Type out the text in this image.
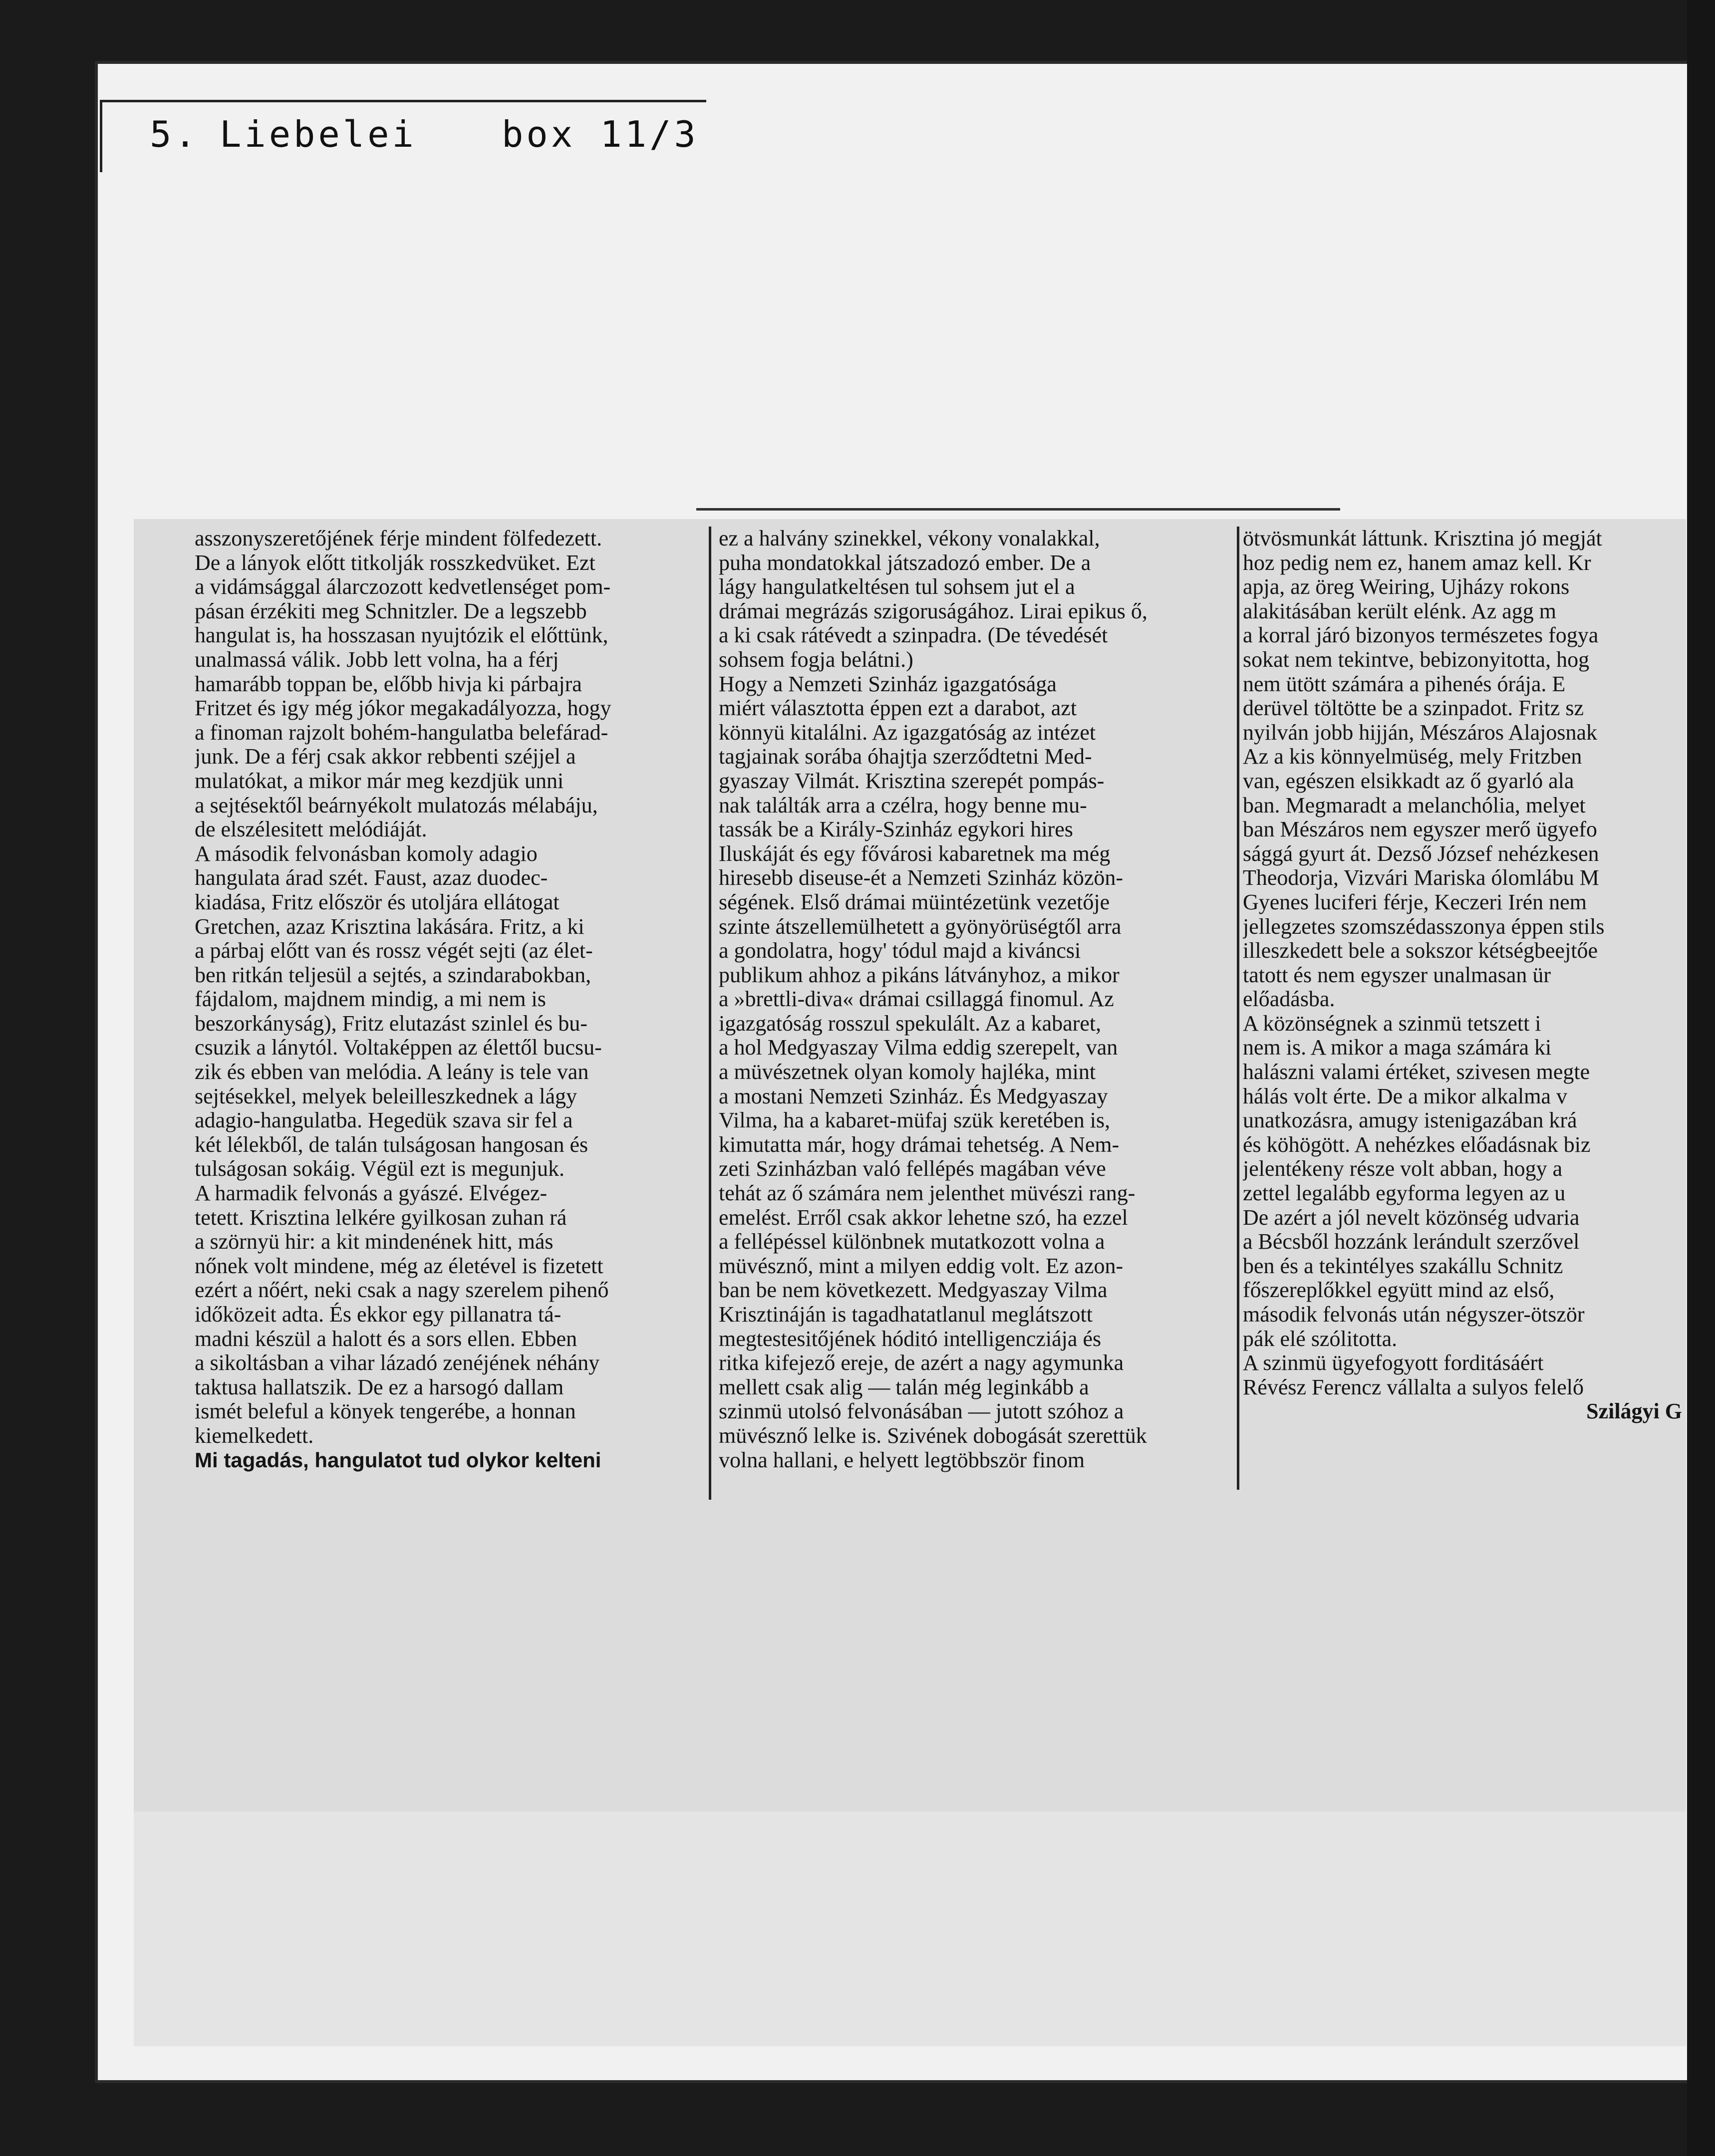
5. Liebelei box 11/3
asszonyszeretőjének férje mindent fölfedezett.
De a lányok előtt titkolják rosszkedvüket. Ezt
a vidámsággal álarczozott kedvetlenséget pom-
pásan érzékiti meg Schnitzler. De a legszebb
hangulat is, ha hosszasan nyujtózik el előttünk,
unalmassá válik. Jobb lett volna, ha a férj
hamarább toppan be, előbb hivja ki párbajra
Fritzet és igy még jókor megakadályozza, hogy
a finoman rajzolt bohém-hangulatba belefárad-
junk. De a férj csak akkor rebbenti széjjel a
mulatókat, a mikor már meg kezdjük unni
a sejtésektől beárnyékolt mulatozás mélabáju,
de elszélesitett melódiáját.
A második felvonásban komoly adagio
hangulata árad szét. Faust, azaz duodec-
kiadása, Fritz először és utoljára ellátogat
Gretchen, azaz Krisztina lakására. Fritz, a ki
a párbaj előtt van és rossz végét sejti (az élet-
ben ritkán teljesül a sejtés, a szindarabokban,
fájdalom, majdnem mindig, a mi nem is
beszorkányság), Fritz elutazást szinlel és bu-
csuzik a lánytól. Voltaképpen az élettől bucsu-
zik és ebben van melódia. A leány is tele van
sejtésekkel, melyek beleilleszkednek a lágy
adagio-hangulatba. Hegedük szava sir fel a
két lélekből, de talán tulságosan hangosan és
tulságosan sokáig. Végül ezt is megunjuk.
A harmadik felvonás a gyászé. Elvégez-
tetett. Krisztina lelkére gyilkosan zuhan rá
a szörnyü hir: a kit mindenének hitt, más
nőnek volt mindene, még az életével is fizetett
ezért a nőért, neki csak a nagy szerelem pihenő
időközeit adta. És ekkor egy pillanatra tá-
madni készül a halott és a sors ellen. Ebben
a sikoltásban a vihar lázadó zenéjének néhány
taktusa hallatszik. De ez a harsogó dallam
ismét beleful a könyek tengerébe, a honnan
kiemelkedett.
Mi tagadás, hangulatot tud olykor kelteni
ez a halvány szinekkel, vékony vonalakkal,
puha mondatokkal játszadozó ember. De a
lágy hangulatkeltésen tul sohsem jut el a
drámai megrázás szigoruságához. Lirai epikus ő,
a ki csak rátévedt a szinpadra. (De tévedését
sohsem fogja belátni.)
Hogy a Nemzeti Szinház igazgatósága
miért választotta éppen ezt a darabot, azt
könnyü kitalálni. Az igazgatóság az intézet
tagjainak sorába óhajtja szerződtetni Med-
gyaszay Vilmát. Krisztina szerepét pompás-
nak találták arra a czélra, hogy benne mu-
tassák be a Király-Szinház egykori hires
Iluskáját és egy fővárosi kabaretnek ma még
hiresebb diseuse-ét a Nemzeti Szinház közön-
ségének. Első drámai müintézetünk vezetője
szinte átszellemülhetett a gyönyörüségtől arra
a gondolatra, hogy' tódul majd a kiváncsi
publikum ahhoz a pikáns látványhoz, a mikor
a »brettli-diva« drámai csillaggá finomul. Az
igazgatóság rosszul spekulált. Az a kabaret,
a hol Medgyaszay Vilma eddig szerepelt, van
a müvészetnek olyan komoly hajléka, mint
a mostani Nemzeti Szinház. És Medgyaszay
Vilma, ha a kabaret-müfaj szük keretében is,
kimutatta már, hogy drámai tehetség. A Nem-
zeti Szinházban való fellépés magában véve
tehát az ő számára nem jelenthet müvészi rang-
emelést. Erről csak akkor lehetne szó, ha ezzel
a fellépéssel különbnek mutatkozott volna a
müvésznő, mint a milyen eddig volt. Ez azon-
ban be nem következett. Medgyaszay Vilma
Krisztináján is tagadhatatlanul meglátszott
megtestesitőjének hóditó intelligencziája és
ritka kifejező ereje, de azért a nagy agymunka
mellett csak alig — talán még leginkább a
szinmü utolsó felvonásában — jutott szóhoz a
müvésznő lelke is. Szivének dobogását szerettük
volna hallani, e helyett legtöbbször finom
ötvösmunkát láttunk. Krisztina jó megját
hoz pedig nem ez, hanem amaz kell. Kr
apja, az öreg Weiring, Ujházy rokons
alakitásában került elénk. Az agg m
a korral járó bizonyos természetes fogya
sokat nem tekintve, bebizonyitotta, hog
nem ütött számára a pihenés órája. E
derüvel töltötte be a szinpadot. Fritz sz
nyilván jobb hijján, Mészáros Alajosnak
Az a kis könnyelmüség, mely Fritzben
van, egészen elsikkadt az ő gyarló ala
ban. Megmaradt a melanchólia, melyet
ban Mészáros nem egyszer merő ügyefo
sággá gyurt át. Dezső József nehézkesen
Theodorja, Vizvári Mariska ólomlábu M
Gyenes luciferi férje, Keczeri Irén nem
jellegzetes szomszédasszonya éppen stils
illeszkedett bele a sokszor kétségbeejtőe
tatott és nem egyszer unalmasan ür
előadásba.
A közönségnek a szinmü tetszett i
nem is. A mikor a maga számára ki
halászni valami értéket, szivesen megte
hálás volt érte. De a mikor alkalma v
unatkozásra, amugy istenigazában krá
és köhögött. A nehézkes előadásnak biz
jelentékeny része volt abban, hogy a
zettel legalább egyforma legyen az u
De azért a jól nevelt közönség udvaria
a Bécsből hozzánk lerándult szerzővel
ben és a tekintélyes szakállu Schnitz
főszereplőkkel együtt mind az első,
második felvonás után négyszer-ötször
pák elé szólitotta.
A szinmü ügyefogyott forditásáért
Révész Ferencz vállalta a sulyos felelő
Szilágyi G
